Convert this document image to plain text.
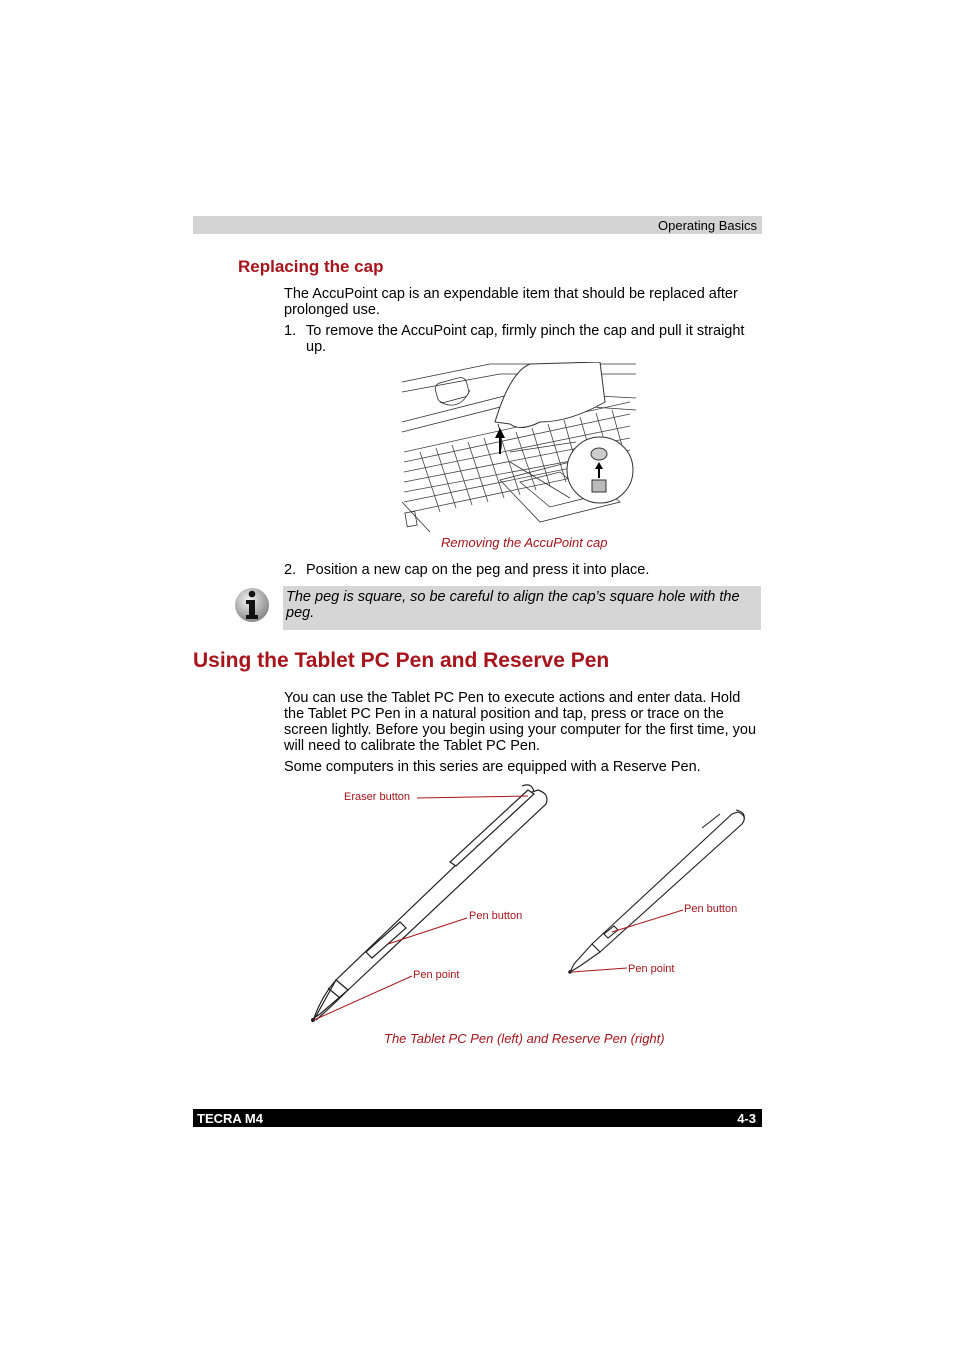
Operating Basics
Replacing the cap
The AccuPoint cap is an expendable item that should be replaced after prolonged use.
1. To remove the AccuPoint cap, firmly pinch the cap and pull it straight up.
Removing the AccuPoint cap
2. Position a new cap on the peg and press it into place.
The peg is square, so be careful to align the cap’s square hole with the peg.
Using the Tablet PC Pen and Reserve Pen
You can use the Tablet PC Pen to execute actions and enter data. Hold the Tablet PC Pen in a natural position and tap, press or trace on the screen lightly. Before you begin using your computer for the first time, you will need to calibrate the Tablet PC Pen.
Some computers in this series are equipped with a Reserve Pen.
Eraser button
Pen button
Pen point
Pen button
Pen point
The Tablet PC Pen (left) and Reserve Pen (right)
TECRA M4	4-3
